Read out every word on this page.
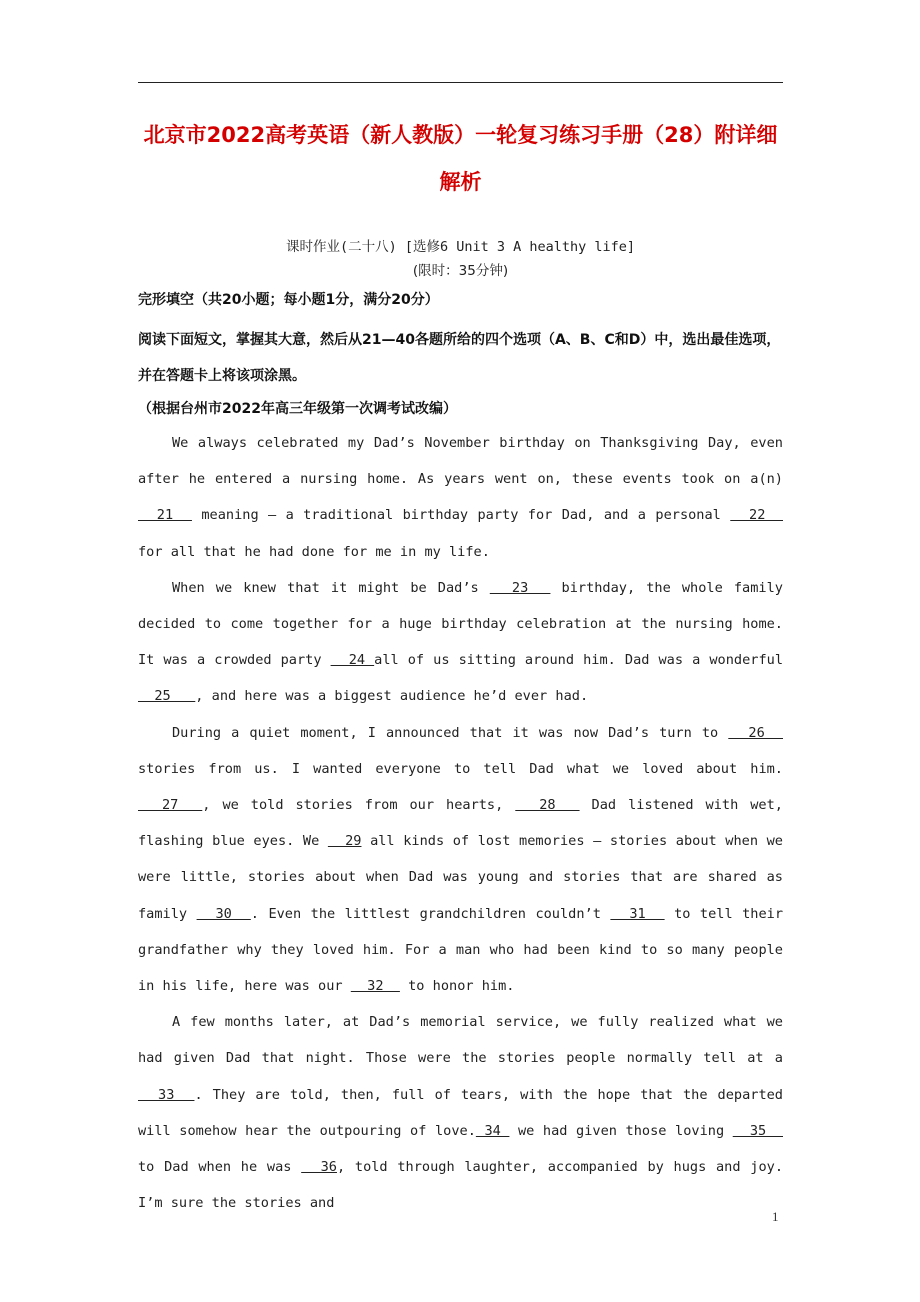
北京市2022高考英语（新人教版）一轮复习练习手册（28）附详细解析
课时作业(二十八) [选修6 Unit 3 A healthy life]
(限时：35分钟)
完形填空（共20小题；每小题1分，满分20分）
阅读下面短文，掌握其大意，然后从21—40各题所给的四个选项（A、B、C和D）中，选出最佳选项，并在答题卡上将该项涂黑。
（根据台州市2022年高三年级第一次调考试改编）

We always celebrated my Dad’s November birthday on Thanksgiving Day, even after he entered a nursing home. As years went on, these events took on a(n)   21   meaning – a traditional birthday party for Dad, and a personal   22   for all that he had done for me in my life.

When we knew that it might be Dad’s   23   birthday, the whole family decided to come together for a huge birthday celebration at the nursing home. It was a crowded party   24 all of us sitting around him. Dad was a wonderful   25   , and here was a biggest audience he’d ever had.

During a quiet moment, I announced that it was now Dad’s turn to   26   stories from us. I wanted everyone to tell Dad what we loved about him.   27  , we told stories from our hearts,   28   Dad listened with wet, flashing blue eyes. We   29 all kinds of lost memories – stories about when we were little, stories about when Dad was young and stories that are shared as family   30  . Even the littlest grandchildren couldn’t   31   to tell their grandfather why they loved him. For a man who had been kind to so many people in his life, here was our   32   to honor him.

A few months later, at Dad’s memorial service, we fully realized what we had given Dad that night. Those were the stories people normally tell at a   33  . They are told, then, full of tears, with the hope that the departed will somehow hear the outpouring of love. 34  we had given those loving   35   to Dad when he was   36, told through laughter, accompanied by hugs and joy. I’m sure the stories and

1
